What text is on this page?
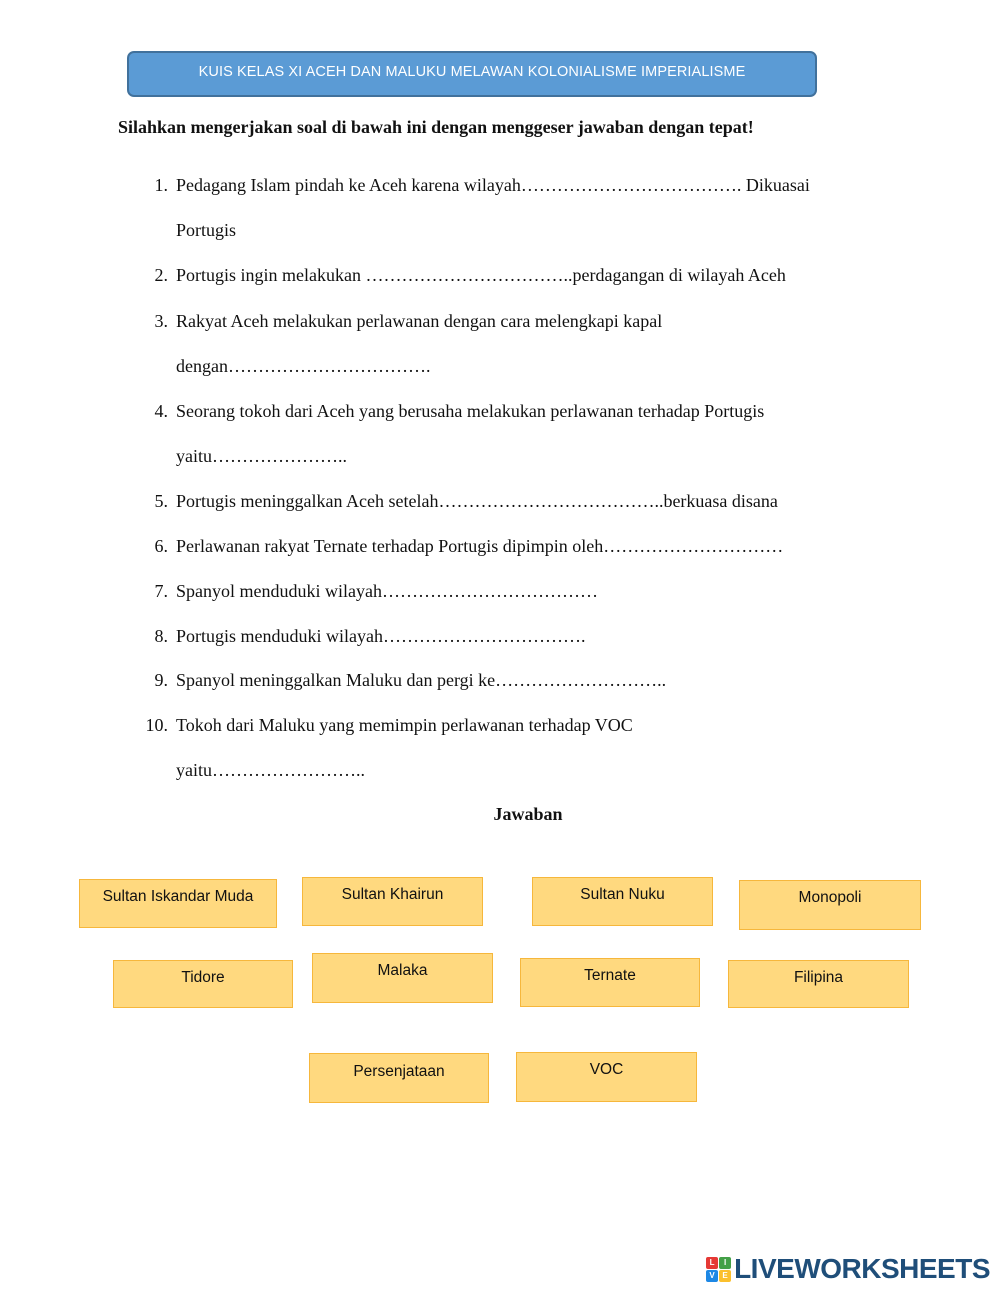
KUIS KELAS XI ACEH DAN MALUKU MELAWAN KOLONIALISME IMPERIALISME
Silahkan mengerjakan soal di bawah ini dengan menggeser jawaban dengan tepat!
1. Pedagang Islam pindah ke Aceh karena wilayah………………………………. Dikuasai
Portugis
2. Portugis ingin melakukan ……………………………..perdagangan di wilayah Aceh
3. Rakyat Aceh melakukan perlawanan dengan cara melengkapi kapal
dengan…………………………….
4. Seorang tokoh dari Aceh yang berusaha melakukan perlawanan terhadap Portugis
yaitu…………………..
5. Portugis meninggalkan Aceh setelah………………………………..berkuasa disana
6. Perlawanan rakyat Ternate terhadap Portugis dipimpin oleh…………………………
7. Spanyol menduduki wilayah………………………………
8. Portugis menduduki wilayah…………………………….
9. Spanyol meninggalkan Maluku dan pergi ke………………………..
10. Tokoh dari Maluku yang memimpin perlawanan terhadap VOC
yaitu……………………..
Jawaban
Sultan Iskandar Muda	Sultan Khairun	Sultan Nuku	Monopoli
Tidore	Malaka	Ternate	Filipina
Persenjataan	VOC
L	I
V E LIVEWORKSHEETS
